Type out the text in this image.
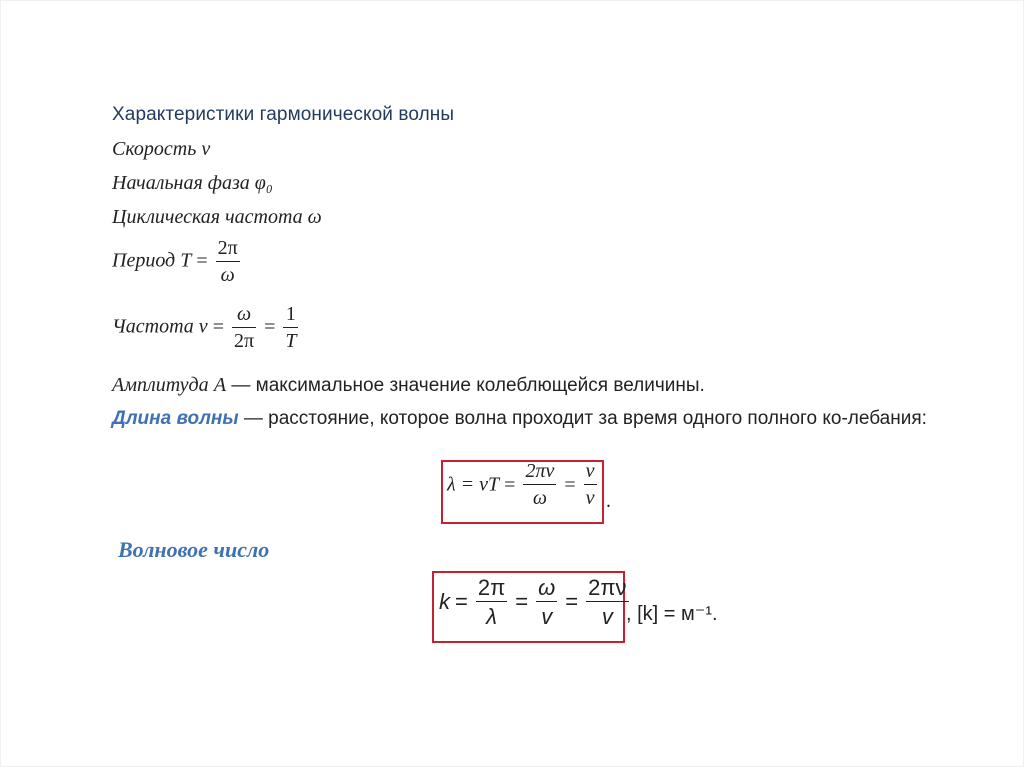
Характеристики гармонической волны
Скорость v
Начальная фаза φ₀
Циклическая частота ω
Период $T = \frac{2\pi}{\omega}$
Частота $\nu = \frac{\omega}{2\pi} = \frac{1}{T}$
Амплитуда A — максимальное значение колеблющейся величины.
Длина волны — расстояние, которое волна проходит за время одного полного ко-лебания:
λ = vT = $\frac{2\pi v}{\omega} = \frac{v}{\nu}$ .
Волновое число
$k = \frac{2\pi}{\lambda} = \frac{\omega}{v} = \frac{2\pi\nu}{v}$
, [k] = м⁻¹.
